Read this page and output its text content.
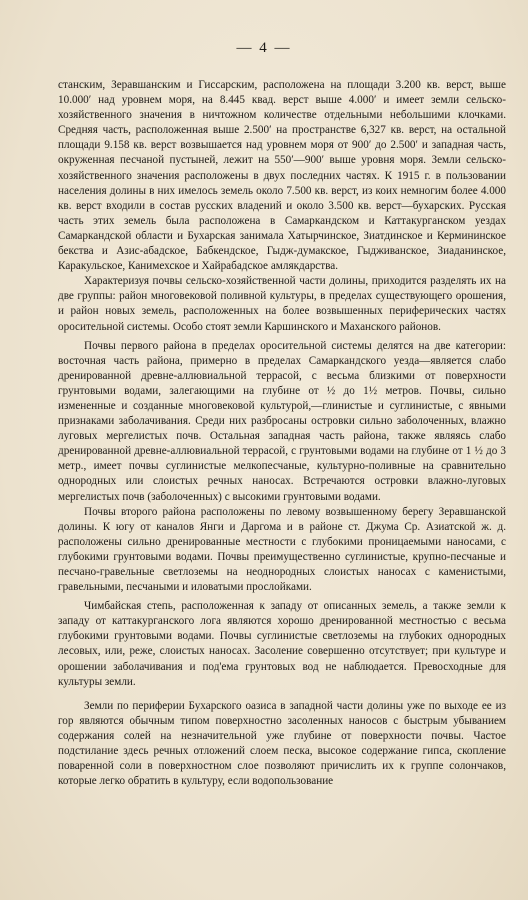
— 4 —

станским, Зеравшанским и Гиссарским, расположена на площади 3.200 кв. верст, выше 10.000′ над уровнем моря, на 8.445 квад. верст выше 4.000′ и имеет земли сельско-хозяйственного значения в ничтожном количестве отдельными небольшими клочками. Средняя часть, расположенная выше 2.500′ на пространстве 6,327 кв. верст, на остальной площади 9.158 кв. верст возвышается над уровнем моря от 900′ до 2.500′ и западная часть, окруженная песчаной пустыней, лежит на 550′—900′ выше уровня моря. Земли сельско-хозяйственного значения расположены в двух последних частях. К 1915 г. в пользовании населения долины в них имелось земель около 7.500 кв. верст, из коих немногим более 4.000 кв. верст входили в состав русских владений и около 3.500 кв. верст—бухарских. Русская часть этих земель была расположена в Самаркандском и Каттакурганском уездах Самаркандской области и Бухарская занимала Хатырчинское, Зиатдинское и Кермининское бекства и Азис-абадское, Бабкендское, Гыдж-думакское, Гыдживанское, Зиаданинское, Каракульское, Канимехское и Хайрабадское амлякдарства.

Характеризуя почвы сельско-хозяйственной части долины, приходится разделять их на две группы: район многовековой поливной культуры, в пределах существующего орошения, и район новых земель, расположенных на более возвышенных периферических частях оросительной системы. Особо стоят земли Каршинского и Маханского районов.

Почвы первого района в пределах оросительной системы делятся на две категории: восточная часть района, примерно в пределах Самаркандского уезда—является слабо дренированной древне-аллювиальной террасой, с весьма близкими от поверхности грунтовыми водами, залегающими на глубине от ½ до 1½ метров. Почвы, сильно измененные и созданные многовековой культурой,—глинистые и суглинистые, с явными признаками заболачивания. Среди них разбросаны островки сильно заболоченных, влажно луговых мергелистых почв. Остальная западная часть района, также являясь слабо дренированной древне-аллювиальной террасой, с грунтовыми водами на глубине от 1 ½ до 3 метр., имеет почвы суглинистые мелкопесчаные, культурно-поливные на сравнительно однородных или слоистых речных наносах. Встречаются островки влажно-луговых мергелистых почв (заболоченных) с высокими грунтовыми водами.

Почвы второго района расположены по левому возвышенному берегу Зеравшанской долины. К югу от каналов Янги и Даргома и в районе ст. Джума Ср. Азиатской ж. д. расположены сильно дренированные местности с глубокими проницаемыми наносами, с глубокими грунтовыми водами. Почвы преимущественно суглинистые, крупно-песчаные и песчано-гравельные светлоземы на неоднородных слоистых наносах с каменистыми, гравельными, песчаными и иловатыми прослойками.

Чимбайская степь, расположенная к западу от описанных земель, а также земли к западу от каттакурганского лога являются хорошо дренированной местностью с весьма глубокими грунтовыми водами. Почвы суглинистые светлоземы на глубоких однородных лесовых, или, реже, слоистых наносах. Засоление совершенно отсутствует; при культуре и орошении заболачивания и под'ема грунтовых вод не наблюдается. Превосходные для культуры земли.

Земли по периферии Бухарского оазиса в западной части долины уже по выходе ее из гор являются обычным типом поверхностно засоленных наносов с быстрым убыванием содержания солей на незначительной уже глубине от поверхности почвы. Частое подстилание здесь речных отложений слоем песка, высокое содержание гипса, скопление поваренной соли в поверхностном слое позволяют причислить их к группе солончаков, которые легко обратить в культуру, если водопользование
